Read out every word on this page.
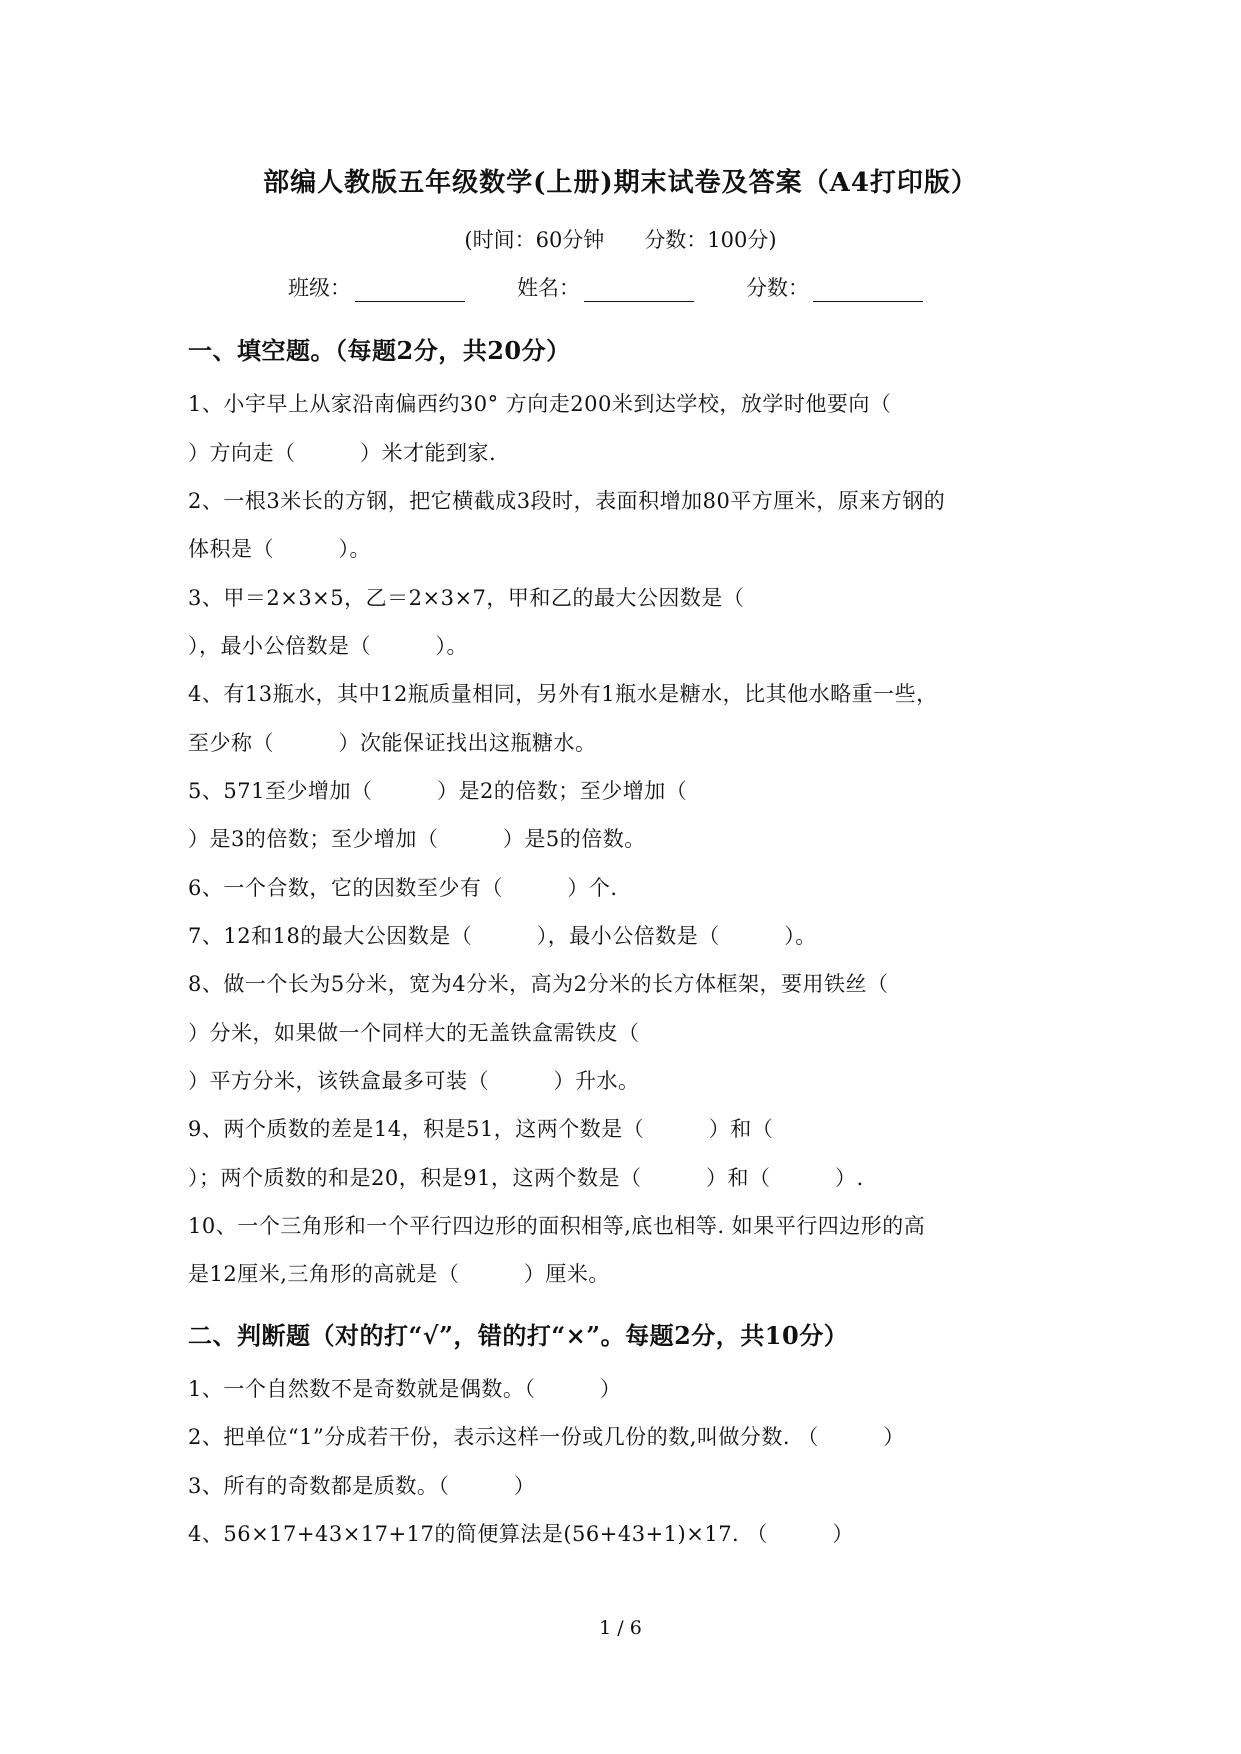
部编人教版五年级数学(上册)期末试卷及答案（A4打印版）
(时间：60分钟 分数：100分)
班级：	姓名：	分数：
一、填空题。（每题2分，共20分）
1、小宇早上从家沿南偏西约30° 方向走200米到达学校，放学时他要向（
）方向走（　　　）米才能到家.
2、一根3米长的方钢，把它横截成3段时，表面积增加80平方厘米，原来方钢的
体积是（　　　）。
3、甲＝2×3×5，乙＝2×3×7，甲和乙的最大公因数是（
），最小公倍数是（　　　）。
4、有13瓶水，其中12瓶质量相同，另外有1瓶水是糖水，比其他水略重一些，
至少称（　　　）次能保证找出这瓶糖水。
5、571至少增加（　　　）是2的倍数；至少增加（
）是3的倍数；至少增加（　　　）是5的倍数。
6、一个合数，它的因数至少有（　　　）个.
7、12和18的最大公因数是（　　　），最小公倍数是（　　　）。
8、做一个长为5分米，宽为4分米，高为2分米的长方体框架，要用铁丝（
）分米，如果做一个同样大的无盖铁盒需铁皮（
）平方分米，该铁盒最多可装（　　　）升水。
9、两个质数的差是14，积是51，这两个数是（　　　）和（
）；两个质数的和是20，积是91，这两个数是（　　　）和（　　　）.
10、一个三角形和一个平行四边形的面积相等,底也相等. 如果平行四边形的高
是12厘米,三角形的高就是（　　　）厘米。
二、判断题（对的打“√”，错的打“×”。每题2分，共10分）
1、一个自然数不是奇数就是偶数。（　　　）
2、把单位“1”分成若干份，表示这样一份或几份的数,叫做分数. （　　　）
3、所有的奇数都是质数。（　　　）
4、56×17+43×17+17的简便算法是(56+43+1)×17. （　　　）
1 / 6
